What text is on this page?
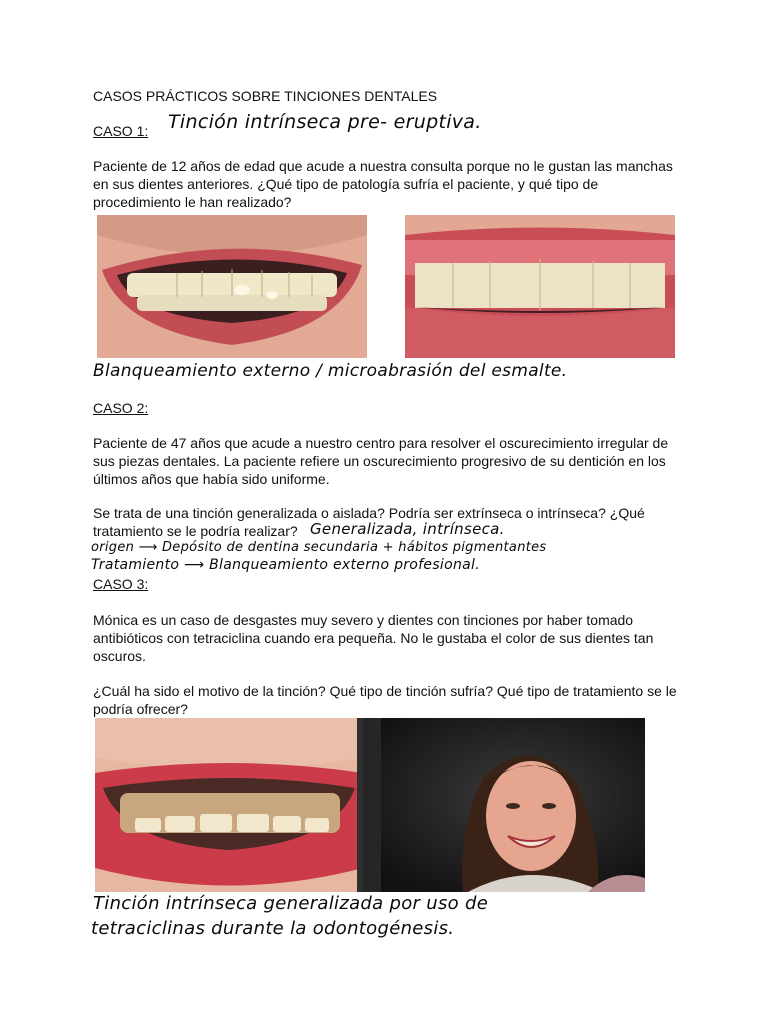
CASOS PRÁCTICOS SOBRE TINCIONES DENTALES
CASO 1: Tinción intrínseca pre- eruptiva.
Paciente de 12 años de edad que acude a nuestra consulta porque no le gustan las manchas en sus dientes anteriores. ¿Qué tipo de patología sufría el paciente, y qué tipo de procedimiento le han realizado?
Blanqueamiento externo / microabrasión del esmalte.
CASO 2:
Paciente de 47 años que acude a nuestro centro para resolver el oscurecimiento irregular de sus piezas dentales. La paciente refiere un oscurecimiento progresivo de su dentición en los últimos años que había sido uniforme.
Se trata de una tinción generalizada o aislada? Podría ser extrínseca o intrínseca? ¿Qué
tratamiento se le podría realizar? Generalizada, intrínseca.
origen ⟶ Depósito de dentina secundaria + hábitos pigmentantes
Tratamiento ⟶ Blanqueamiento externo profesional.
CASO 3:
Mónica es un caso de desgastes muy severo y dientes con tinciones por haber tomado antibióticos con tetraciclina cuando era pequeña. No le gustaba el color de sus dientes tan oscuros.
¿Cuál ha sido el motivo de la tinción? Qué tipo de tinción sufría? Qué tipo de tratamiento se le podría ofrecer?
Tinción intrínseca generalizada por uso de
tetraciclinas durante la odontogénesis.
